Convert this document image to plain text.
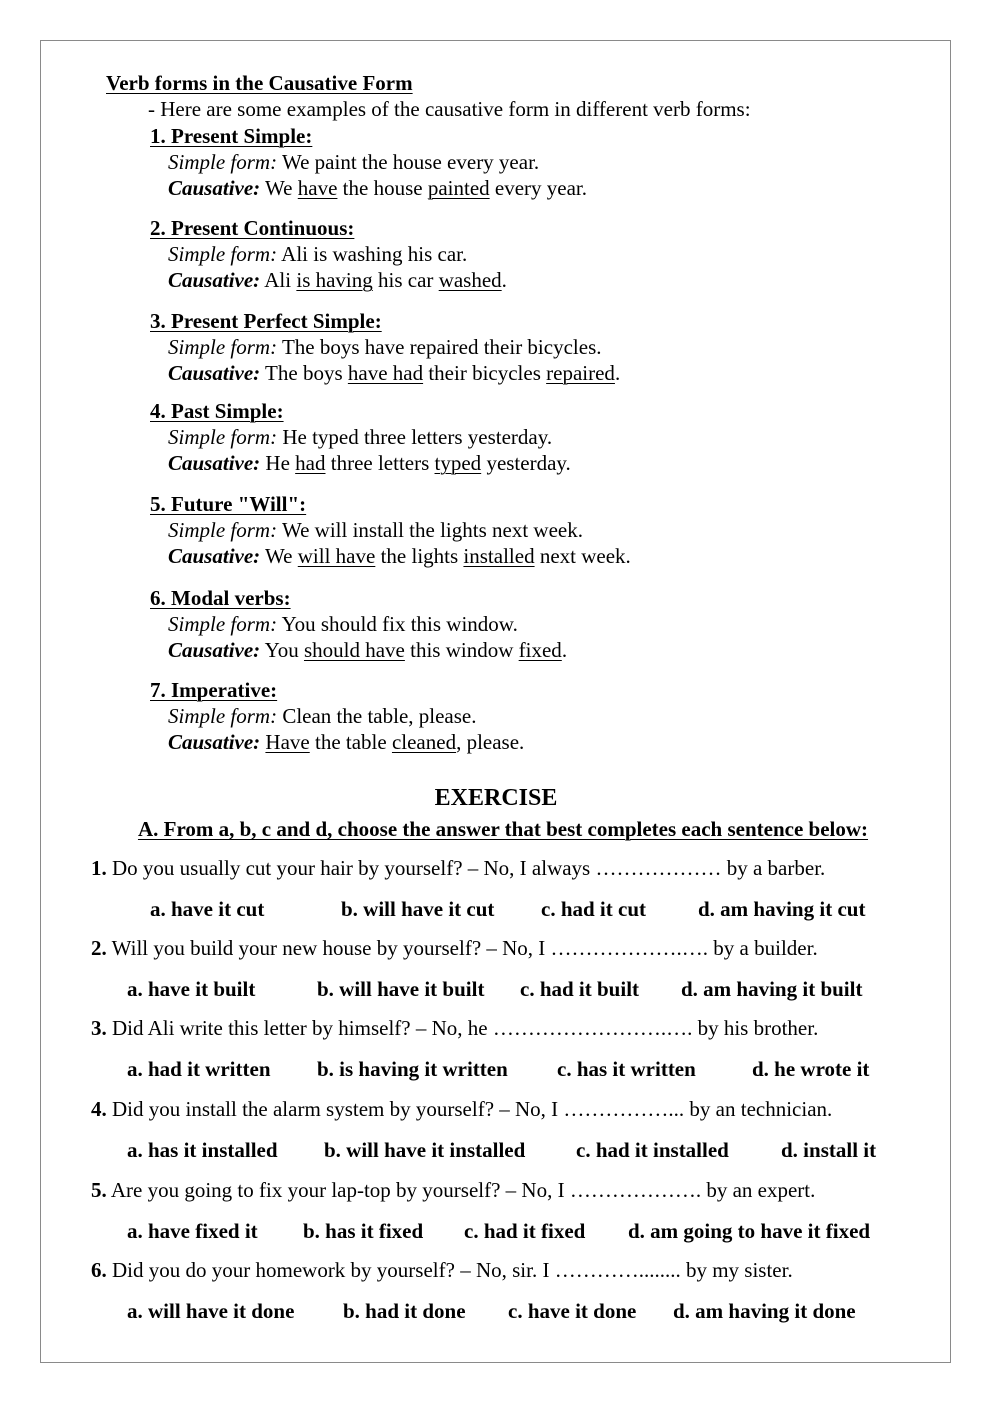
Verb forms in the Causative Form
- Here are some examples of the causative form in different verb forms:
1. Present Simple:
Simple form: We paint the house every year.
Causative: We have the house painted every year.
2. Present Continuous:
Simple form: Ali is washing his car.
Causative: Ali is having his car washed.
3. Present Perfect Simple:
Simple form: The boys have repaired their bicycles.
Causative: The boys have had their bicycles repaired.
4. Past Simple:
Simple form: He typed three letters yesterday.
Causative: He had three letters typed yesterday.
5. Future "Will":
Simple form: We will install the lights next week.
Causative: We will have the lights installed next week.
6. Modal verbs:
Simple form: You should fix this window.
Causative: You should have this window fixed.
7. Imperative:
Simple form: Clean the table, please.
Causative: Have the table cleaned, please.
EXERCISE
A. From a, b, c and d, choose the answer that best completes each sentence below:
1. Do you usually cut your hair by yourself? – No, I always ……………… by a barber.
a. have it cut	b. will have it cut c. had it cut d. am having it cut
2. Will you build your new house by yourself? – No, I ……………….…. by a builder.
a. have it built	b. will have it built c. had it built d. am having it built
3. Did Ali write this letter by himself? – No, he …………………….…. by his brother.
a. had it written b. is having it written c. has it written	d. he wrote it
4. Did you install the alarm system by yourself? – No, I ……………... by an technician.
a. has it installed b. will have it installed c. had it installed d. install it
5. Are you going to fix your lap-top by yourself? – No, I ………………. by an expert.
a. have fixed it b. has it fixed c. had it fixed d. am going to have it fixed
6. Did you do your homework by yourself? – No, sir. I …………........ by my sister.
a. will have it done b. had it done c. have it done d. am having it done
